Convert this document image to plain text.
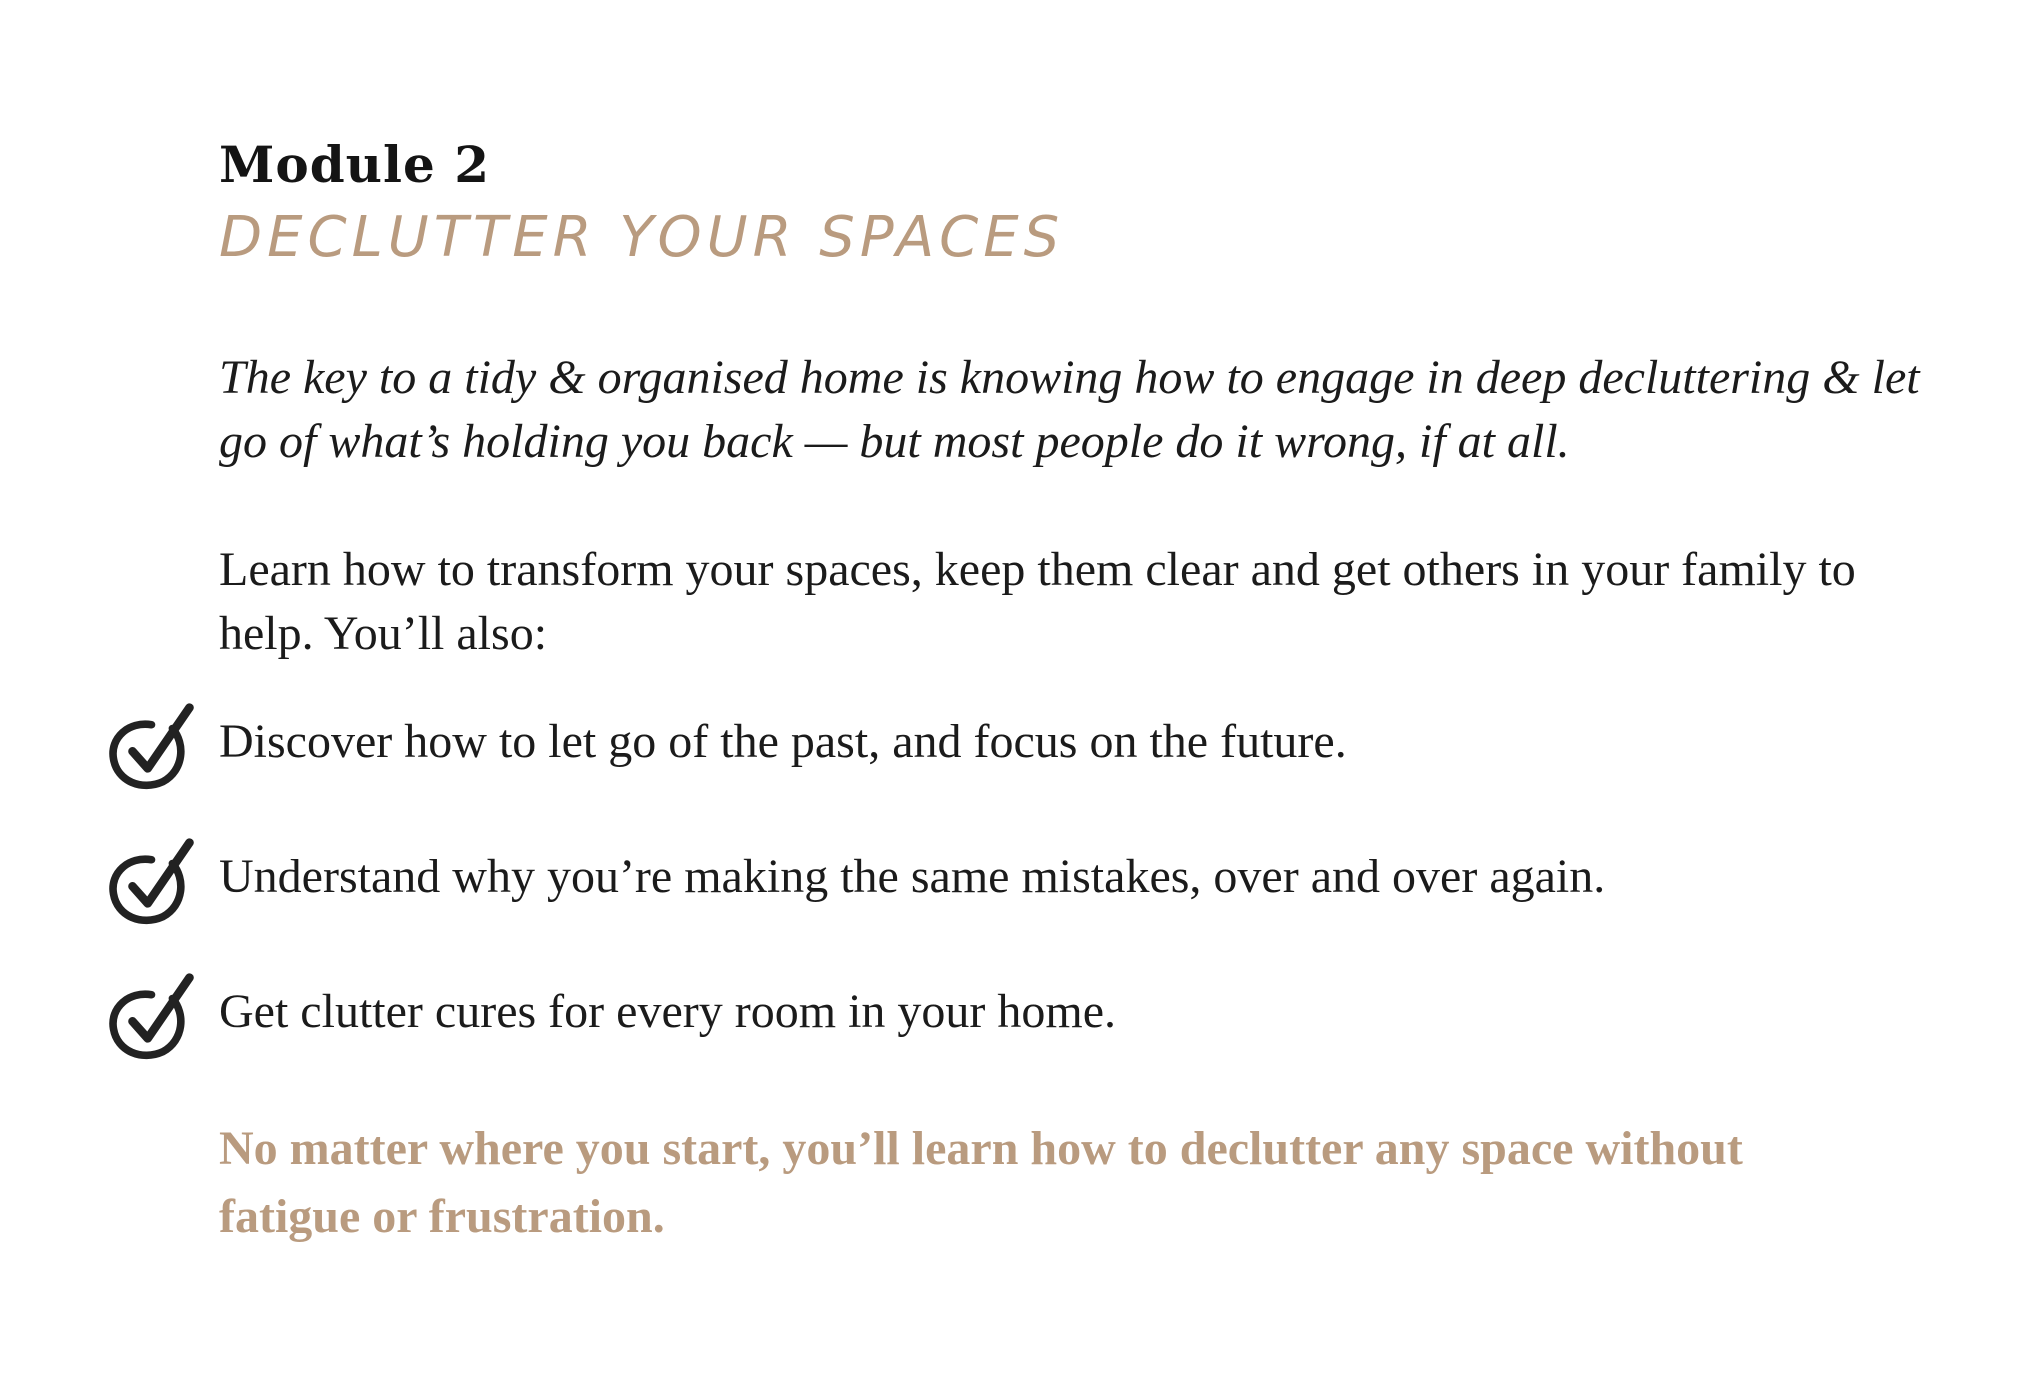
Module 2
DECLUTTER YOUR SPACES

The key to a tidy & organised home is knowing how to engage in deep decluttering & let go of what’s holding you back — but most people do it wrong, if at all.

Learn how to transform your spaces, keep them clear and get others in your family to help. You’ll also:

Discover how to let go of the past, and focus on the future.
Understand why you’re making the same mistakes, over and over again.
Get clutter cures for every room in your home.

No matter where you start, you’ll learn how to declutter any space without fatigue or frustration.
